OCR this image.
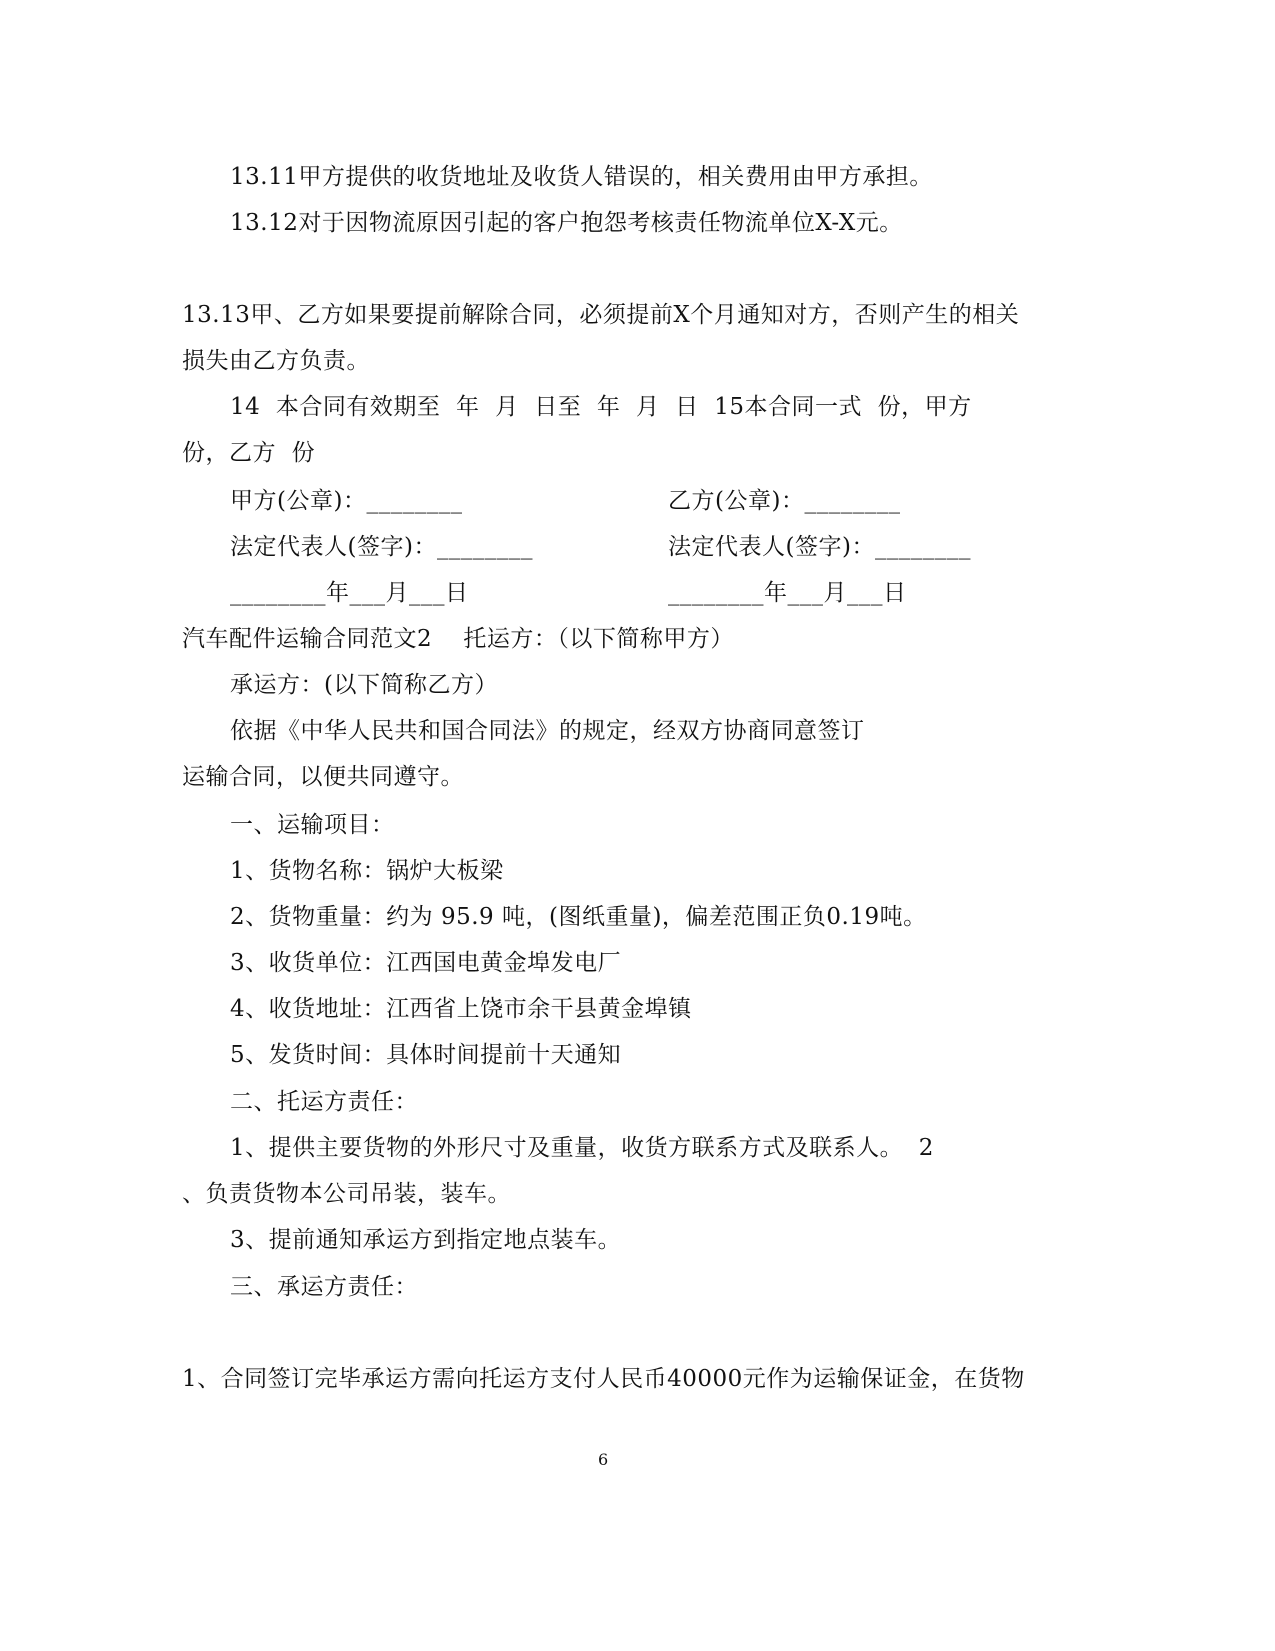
13.11甲方提供的收货地址及收货人错误的，相关费用由甲方承担。
13.12对于因物流原因引起的客户抱怨考核责任物流单位X-X元。
13.13甲、乙方如果要提前解除合同，必须提前X个月通知对方，否则产生的相关
损失由乙方负责。
14  本合同有效期至  年  月  日至  年  月  日  15本合同一式  份，甲方
份，乙方  份
甲方(公章)：________	乙方(公章)：________
法定代表人(签字)：________	法定代表人(签字)：________
________年___月___日	________年___月___日
汽车配件运输合同范文2    托运方：（以下简称甲方）
承运方：(以下简称乙方）
依据《中华人民共和国合同法》的规定，经双方协商同意签订
运输合同，以便共同遵守。
一、运输项目：
1、货物名称：锅炉大板梁
2、货物重量：约为 95.9 吨，(图纸重量)，偏差范围正负0.19吨。
3、收货单位：江西国电黄金埠发电厂
4、收货地址：江西省上饶市余干县黄金埠镇
5、发货时间：具体时间提前十天通知
二、托运方责任：
1、提供主要货物的外形尺寸及重量，收货方联系方式及联系人。  2
、负责货物本公司吊装，装车。
3、提前通知承运方到指定地点装车。
三、承运方责任：
1、合同签订完毕承运方需向托运方支付人民币40000元作为运输保证金，在货物
6
